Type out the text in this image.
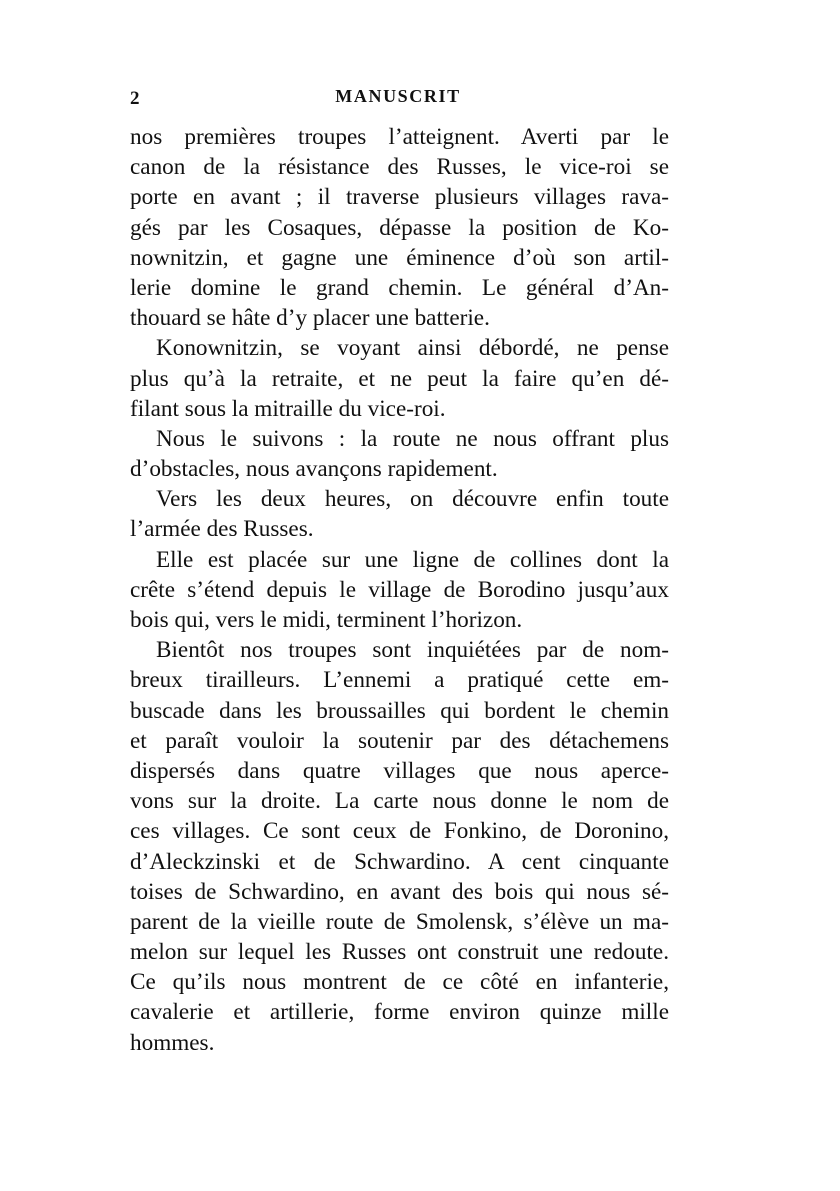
2	MANUSCRIT
nos premières troupes l’atteignent. Averti par le
canon de la résistance des Russes, le vice-roi se
porte en avant ; il traverse plusieurs villages rava-
gés par les Cosaques, dépasse la position de Ko-
nownitzin, et gagne une éminence d’où son artil-
lerie domine le grand chemin. Le général d’An-
thouard se hâte d’y placer une batterie.
Konownitzin, se voyant ainsi débordé, ne pense
plus qu’à la retraite, et ne peut la faire qu’en dé-
filant sous la mitraille du vice-roi.
Nous le suivons : la route ne nous offrant plus
d’obstacles, nous avançons rapidement.
Vers les deux heures, on découvre enfin toute
l’armée des Russes.
Elle est placée sur une ligne de collines dont la
crête s’étend depuis le village de Borodino jusqu’aux
bois qui, vers le midi, terminent l’horizon.
Bientôt nos troupes sont inquiétées par de nom-
breux tirailleurs. L’ennemi a pratiqué cette em-
buscade dans les broussailles qui bordent le chemin
et paraît vouloir la soutenir par des détachemens
dispersés dans quatre villages que nous aperce-
vons sur la droite. La carte nous donne le nom de
ces villages. Ce sont ceux de Fonkino, de Doronino,
d’Aleckzinski et de Schwardino. A cent cinquante
toises de Schwardino, en avant des bois qui nous sé-
parent de la vieille route de Smolensk, s’élève un ma-
melon sur lequel les Russes ont construit une redoute.
Ce qu’ils nous montrent de ce côté en infanterie,
cavalerie et artillerie, forme environ quinze mille
hommes.
